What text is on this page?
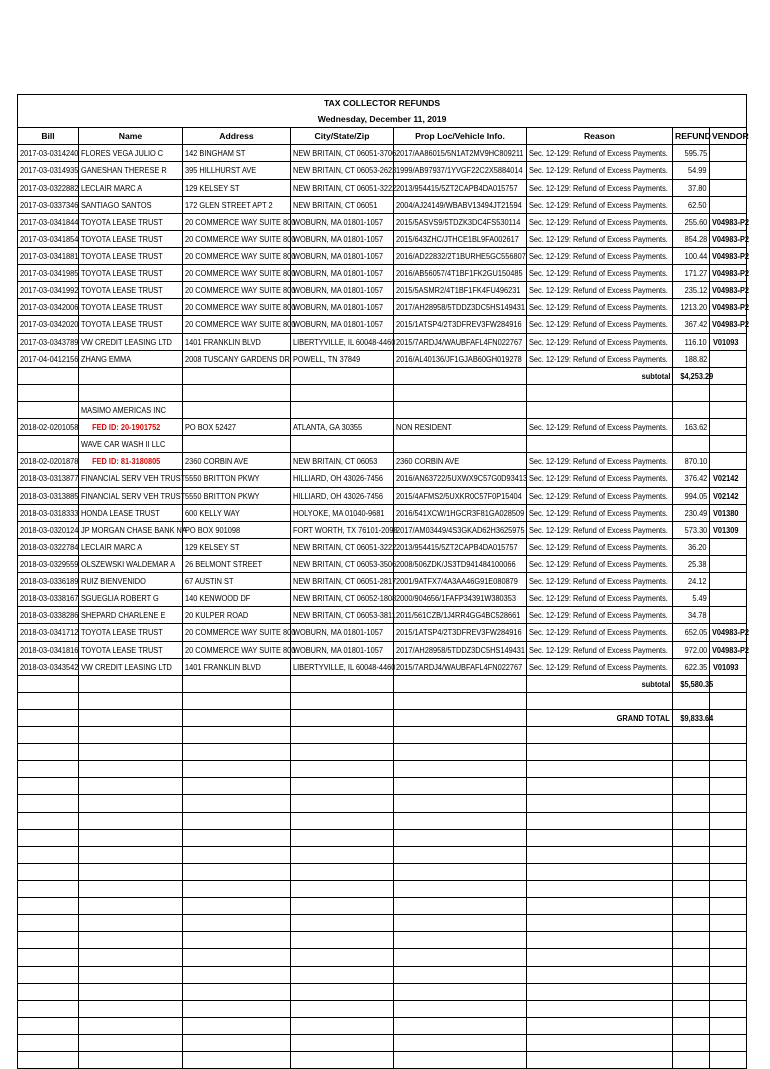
TAX COLLECTOR REFUNDS							
Wednesday, December 11, 2019							
Bill	Name	Address	City/State/Zip	Prop Loc/Vehicle Info.	Reason	REFUND	VENDOR
2017-03-0314240	FLORES VEGA JULIO C	142 BINGHAM ST	NEW BRITAIN, CT 06051-3706	2017/AA86015/5N1AT2MV9HC809211	Sec. 12-129: Refund of Excess Payments.	595.75	
2017-03-0314935	GANESHAN THERESE R	395 HILLHURST AVE	NEW BRITAIN, CT 06053-2623	1999/AB97937/1YVGF22C2X5884014	Sec. 12-129: Refund of Excess Payments.	54.99	
2017-03-0322882	LECLAIR MARC A	129 KELSEY ST	NEW BRITAIN, CT 06051-3222	2013/954415/5ZT2CAPB4DA015757	Sec. 12-129: Refund of Excess Payments.	37.80	
2017-03-0337346	SANTIAGO SANTOS	172 GLEN STREET APT 2	NEW BRITAIN, CT 06051	2004/AJ24149/WBABV13494JT21594	Sec. 12-129: Refund of Excess Payments.	62.50	
2017-03-0341844	TOYOTA LEASE TRUST	20 COMMERCE WAY SUITE 800	WOBURN, MA 01801-1057	2015/5ASVS9/5TDZK3DC4FS530114	Sec. 12-129: Refund of Excess Payments.	255.60	V04983-P2
2017-03-0341854	TOYOTA LEASE TRUST	20 COMMERCE WAY SUITE 800	WOBURN, MA 01801-1057	2015/643ZHC/JTHCE1BL9FA002617	Sec. 12-129: Refund of Excess Payments.	854.28	V04983-P2
2017-03-0341881	TOYOTA LEASE TRUST	20 COMMERCE WAY SUITE 800	WOBURN, MA 01801-1057	2016/AD22832/2T1BURHE5GC556807	Sec. 12-129: Refund of Excess Payments.	100.44	V04983-P2
2017-03-0341985	TOYOTA LEASE TRUST	20 COMMERCE WAY SUITE 800	WOBURN, MA 01801-1057	2016/AB56057/4T1BF1FK2GU150485	Sec. 12-129: Refund of Excess Payments.	171.27	V04983-P2
2017-03-0341992	TOYOTA LEASE TRUST	20 COMMERCE WAY SUITE 800	WOBURN, MA 01801-1057	2015/5ASMR2/4T1BF1FK4FU496231	Sec. 12-129: Refund of Excess Payments.	235.12	V04983-P2
2017-03-0342006	TOYOTA LEASE TRUST	20 COMMERCE WAY SUITE 800	WOBURN, MA 01801-1057	2017/AH28958/5TDDZ3DC5HS149431	Sec. 12-129: Refund of Excess Payments.	1213.20	V04983-P2
2017-03-0342020	TOYOTA LEASE TRUST	20 COMMERCE WAY SUITE 800	WOBURN, MA 01801-1057	2015/1ATSP4/2T3DFREV3FW284916	Sec. 12-129: Refund of Excess Payments.	367.42	V04983-P2
2017-03-0343789	VW CREDIT LEASING LTD	1401 FRANKLIN BLVD	LIBERTYVILLE, IL 60048-4460	2015/7ARDJ4/WAUBFAFL4FN022767	Sec. 12-129: Refund of Excess Payments.	116.10	V01093
2017-04-0412156	ZHANG EMMA	2008 TUSCANY GARDENS DR	POWELL, TN 37849	2016/AL40136/JF1GJAB60GH019278	Sec. 12-129: Refund of Excess Payments.	188.82	
					subtotal	$4,253.29	

	MASIMO AMERICAS INC						
2018-02-0201058	FED ID: 20-1901752	PO BOX 52427	ATLANTA, GA 30355	NON RESIDENT	Sec. 12-129: Refund of Excess Payments.	163.62	
	WAVE CAR WASH II LLC						
2018-02-0201878	FED ID: 81-3180805	2360 CORBIN AVE	NEW BRITAIN, CT 06053	2360 CORBIN AVE	Sec. 12-129: Refund of Excess Payments.	870.10	
2018-03-0313877	FINANCIAL SERV VEH TRUST	5550 BRITTON PKWY	HILLIARD, OH 43026-7456	2016/AN63722/5UXWX9C57G0D93413	Sec. 12-129: Refund of Excess Payments.	376.42	V02142
2018-03-0313885	FINANCIAL SERV VEH TRUST	5550 BRITTON PKWY	HILLIARD, OH 43026-7456	2015/4AFMS2/5UXKR0C57F0P15404	Sec. 12-129: Refund of Excess Payments.	994.05	V02142
2018-03-0318333	HONDA LEASE TRUST	600 KELLY WAY	HOLYOKE, MA 01040-9681	2016/541XCW/1HGCR3F81GA028509	Sec. 12-129: Refund of Excess Payments.	230.49	V01380
2018-03-0320124	JP MORGAN CHASE BANK NA	PO BOX 901098	FORT WORTH, TX 76101-2098	2017/AM03449/4S3GKAD62H3625975	Sec. 12-129: Refund of Excess Payments.	573.30	V01309
2018-03-0322784	LECLAIR MARC A	129 KELSEY ST	NEW BRITAIN, CT 06051-3222	2013/954415/5ZT2CAPB4DA015757	Sec. 12-129: Refund of Excess Payments.	36.20	
2018-03-0329559	OLSZEWSKI WALDEMAR A	26 BELMONT STREET	NEW BRITAIN, CT 06053-3506	2008/506ZDK/JS3TD941484100066	Sec. 12-129: Refund of Excess Payments.	25.38	
2018-03-0336189	RUIZ BIENVENIDO	67 AUSTIN ST	NEW BRITAIN, CT 06051-2817	2001/9ATFX7/4A3AA46G91E080879	Sec. 12-129: Refund of Excess Payments.	24.12	
2018-03-0338167	SGUEGLIA ROBERT G	140 KENWOOD DF	NEW BRITAIN, CT 06052-1808	2000/904656/1FAFP34391W380353	Sec. 12-129: Refund of Excess Payments.	5.49	
2018-03-0338286	SHEPARD CHARLENE E	20 KULPER ROAD	NEW BRITAIN, CT 06053-3811	2011/561CZB/1J4RR4GG4BC528661	Sec. 12-129: Refund of Excess Payments.	34.78	
2018-03-0341712	TOYOTA LEASE TRUST	20 COMMERCE WAY SUITE 800	WOBURN, MA 01801-1057	2015/1ATSP4/2T3DFREV3FW284916	Sec. 12-129: Refund of Excess Payments.	652.05	V04983-P2
2018-03-0341816	TOYOTA LEASE TRUST	20 COMMERCE WAY SUITE 800	WOBURN, MA 01801-1057	2017/AH28958/5TDDZ3DC5HS149431	Sec. 12-129: Refund of Excess Payments.	972.00	V04983-P2
2018-03-0343542	VW CREDIT LEASING LTD	1401 FRANKLIN BLVD	LIBERTYVILLE, IL 60048-4460	2015/7ARDJ4/WAUBFAFL4FN022767	Sec. 12-129: Refund of Excess Payments.	622.35	V01093
					subtotal	$5,580.35	

					GRAND TOTAL	$9,833.64	
